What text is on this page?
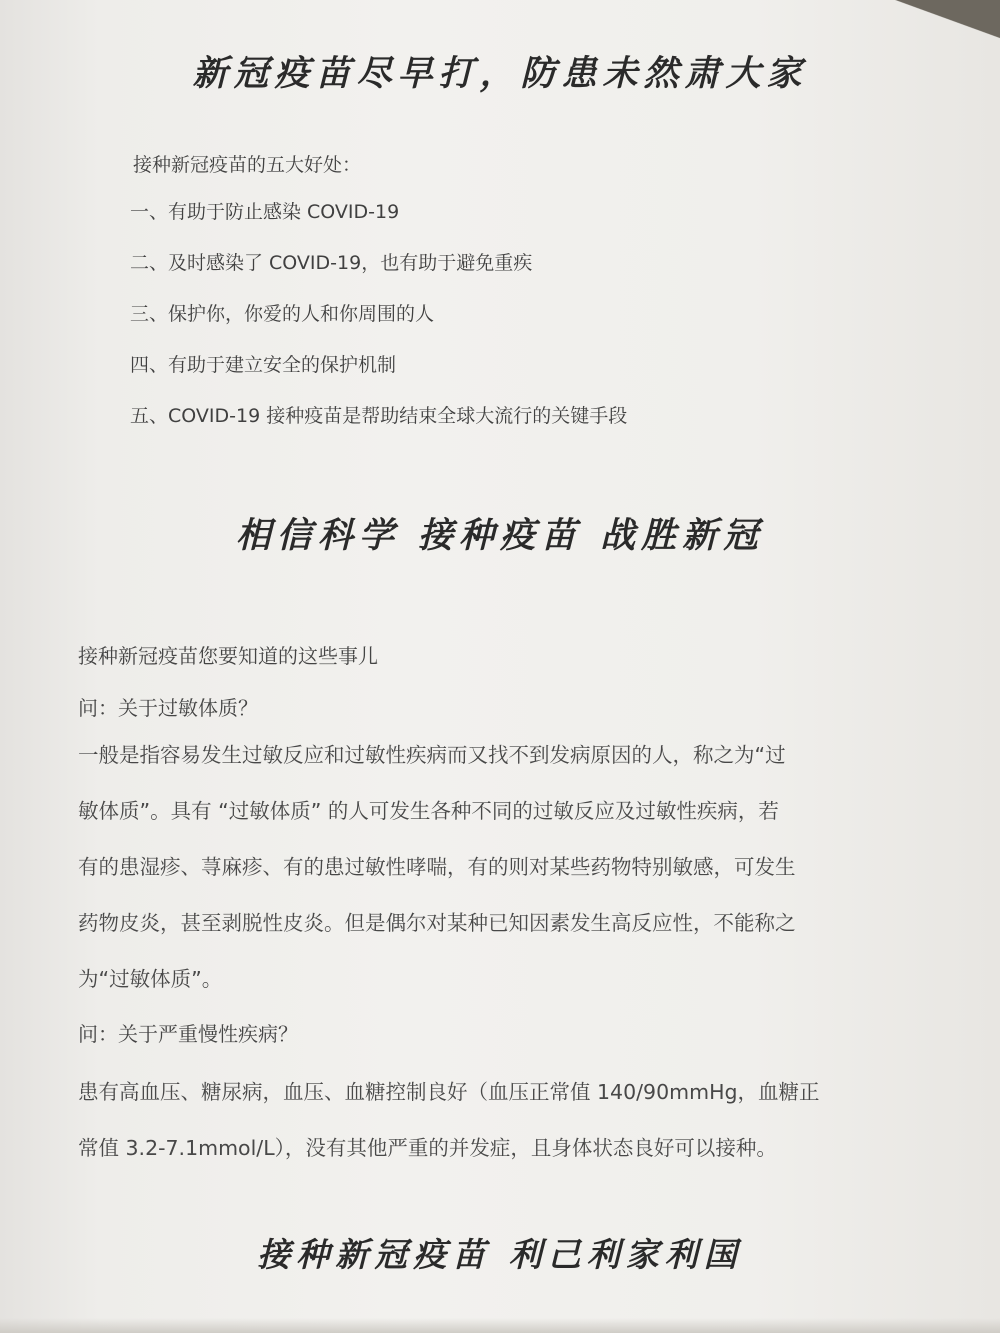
新冠疫苗尽早打，防患未然肃大家
接种新冠疫苗的五大好处：
一、有助于防止感染 COVID-19
二、及时感染了 COVID-19，也有助于避免重疾
三、保护你，你爱的人和你周围的人
四、有助于建立安全的保护机制
五、COVID-19 接种疫苗是帮助结束全球大流行的关键手段
相信科学 接种疫苗 战胜新冠
接种新冠疫苗您要知道的这些事儿
问：关于过敏体质？
一般是指容易发生过敏反应和过敏性疾病而又找不到发病原因的人，称之为“过
敏体质”。具有 “过敏体质” 的人可发生各种不同的过敏反应及过敏性疾病，若
有的患湿疹、荨麻疹、有的患过敏性哮喘，有的则对某些药物特别敏感，可发生
药物皮炎，甚至剥脱性皮炎。但是偶尔对某种已知因素发生高反应性，不能称之
为“过敏体质”。
问：关于严重慢性疾病？
患有高血压、糖尿病，血压、血糖控制良好（血压正常值 140/90mmHg，血糖正
常值 3.2-7.1mmol/L），没有其他严重的并发症，且身体状态良好可以接种。
接种新冠疫苗 利己利家利国
